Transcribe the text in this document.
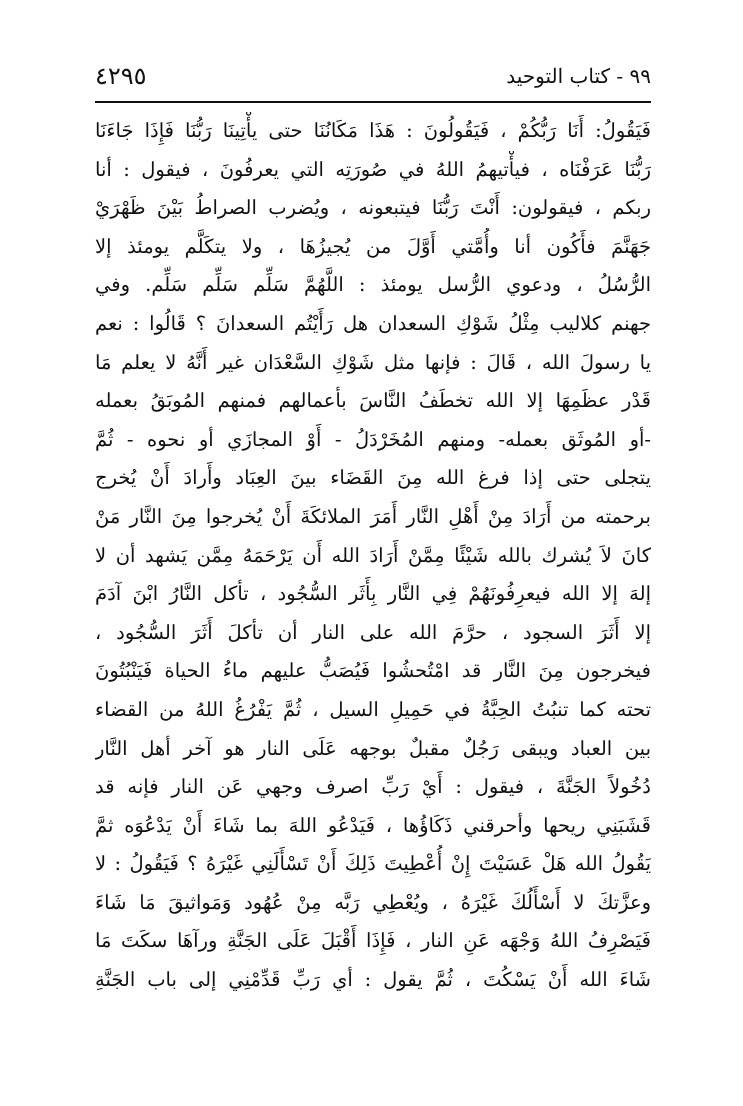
٩٩ - كتاب التوحيد
٤٢٩٥
فَيَقُولُ: أَنَا رَبُّكُمْ ، فَيَقُولُونَ : هَذَا مَكَانُنَا حتى يأْتِينَا رَبُّنَا فَإِذَا جَاءَنَا
رَبُّنَا عَرَفْنَاه ، فيأْتيهمُ اللهُ في صُورَتِه التي يعرفُونَ ، فيقول : أنا
ربكم ، فيقولون: أَنْتَ رَبُّنَا فيتبعونه ، ويُضرب الصراطُ بَيْنَ ظَهْرَيْ
جَهَنَّمَ فأَكُون أنا وأُمَّتي أَوَّلَ من يُجيزُهَا ، ولا يتكَلَّم يومئذ إلا
الرُّسُلُ ، ودعوي الرُّسل يومئذ : اللَّهُمَّ سَلِّم سَلِّم سَلِّم. وفي
جهنم كلاليب مِثْلُ شَوْكِ السعدان هل رَأَيْتُم السعدانَ ؟ قَالُوا : نعم
يا رسولَ الله ، قَالَ : فإنها مثل شَوْكِ السَّعْدَان غير أَنَّهُ لا يعلم مَا
قَدْر عظَمِهَا إلا الله تخطَفُ النَّاسَ بأعمالهم فمنهم المُوبَقُ بعمله
-أو المُوثَق بعمله- ومنهم المُخَرْدَلُ - أَوْ المجازَي أو نحوه - ثُمَّ
يتجلى حتى إذا فرغ الله مِنَ القَضَاء بينَ العِبَاد وأَرادَ أَنْ يُخرج
برحمته من أَرَادَ مِنْ أَهْلِ النَّار أَمَرَ الملائكَةَ أَنْ يُخرجوا مِنَ النَّار مَنْ
كانَ لاَ يُشرك بالله شَيْئًا مِمَّنْ أَرَادَ الله أَن يَرْحَمَهُ مِمَّن يَشهد أن لا
إلهَ إلا الله فيعرِفُونَهُمْ فِي النَّار بِأَثَر السُّجُود ، تأكل النَّارُ ابْنَ آدَمَ
إلا أَثَرَ السجود ، حرَّمَ الله على النار أن تأكلَ أَثَرَ السُّجُود ،
فيخرجون مِنَ النَّار قد امْتُحشُوا فَيُصَبُّ عليهم ماءُ الحياة فَيَنْبُتُونَ
تحته كما تنبُتُ الحِبَّةُ في حَمِيلِ السيل ، ثُمَّ يَفْرُغُ اللهُ من القضاء
بين العباد ويبقى رَجُلٌ مقبلٌ بوجهه عَلَى النار هو آخر أهل النَّار
دُخُولاً الجَنَّةَ ، فيقول : أَيْ رَبِّ اصرف وجهي عَن النار فإنه قد
قَشَبَنِي ريحها وأحرقني ذَكَاؤُها ، فَيَدْعُو اللهَ بما شَاءَ أَنْ يَدْعُوَه ثمَّ
يَقُولُ الله هَلْ عَسَيْتَ إِنْ أُعْطِيتَ ذَلِكَ أَنْ تَسْأَلَنِي غَيْرَهُ ؟ فَيَقُولُ : لا
وعزَّتكَ لا أَسْأَلُكَ غَيْرَهُ ، ويُعْطِي رَبَّه مِنْ عُهُود وَمَواثيقَ مَا شَاءَ
فَيَصْرِفُ اللهُ وَجْهَه عَنِ النار ، فَإِذَا أَقْبَلَ عَلَى الجَنَّةِ ورآهَا سكَتَ مَا
شَاءَ الله أَنْ يَسْكُتَ ، ثُمَّ يقول : أي رَبِّ قَدِّمْنِي إلى باب الجَنَّةِ
